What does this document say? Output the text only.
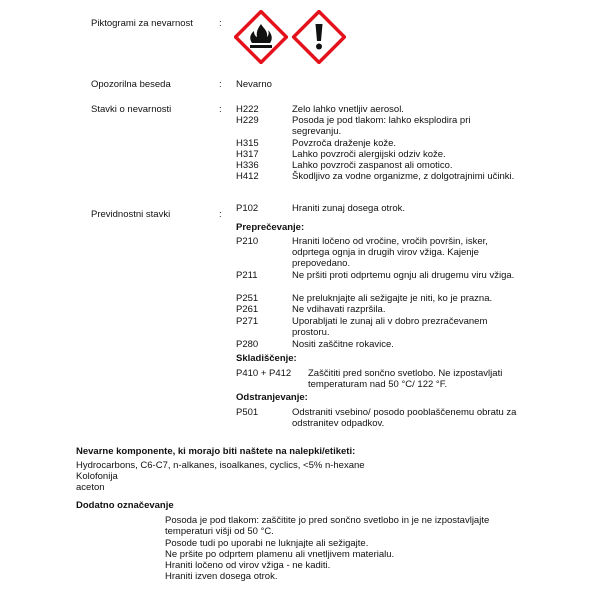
Piktogrami za nevarnost	:
Opozorilna beseda	: Nevarno
Stavki o nevarnosti	: H222	Zelo lahko vnetljiv aerosol.
H229	Posoda je pod tlakom: lahko eksplodira pri segrevanju.
H315	Povzroča draženje kože.
H317	Lahko povzroči alergijski odziv kože.
H336	Lahko povzroči zaspanost ali omotico.
H412	Škodljivo za vodne organizme, z dolgotrajnimi učinki.
Previdnostni stavki	:
P102	Hraniti zunaj dosega otrok.
Preprečevanje:
P210	Hraniti ločeno od vročine, vročih površin, isker, odprtega ognja in drugih virov vžiga. Kajenje prepovedano.
P211	Ne pršiti proti odprtemu ognju ali drugemu viru vžiga.
P251	Ne preluknjajte ali sežigajte je niti, ko je prazna.
P261	Ne vdihavati razpršila.
P271	Uporabljati le zunaj ali v dobro prezračevanem prostoru.
P280	Nositi zaščitne rokavice.
Skladiščenje:
P410 + P412 Zaščititi pred sončno svetlobo. Ne izpostavljati temperaturam nad 50 °C/ 122 °F.
Odstranjevanje:
P501	Odstraniti vsebino/ posodo pooblaščenemu obratu za odstranitev odpadkov.
Nevarne komponente, ki morajo biti naštete na nalepki/etiketi:
Hydrocarbons, C6-C7, n-alkanes, isoalkanes, cyclics, <5% n-hexane
Kolofonija
aceton
Dodatno označevanje
Posoda je pod tlakom: zaščitite jo pred sončno svetlobo in je ne izpostavljajte temperaturi višji od 50 °C.
Posode tudi po uporabi ne luknjajte ali sežigajte.
Ne pršite po odprtem plamenu ali vnetljivem materialu.
Hraniti ločeno od virov vžiga - ne kaditi.
Hraniti izven dosega otrok.
